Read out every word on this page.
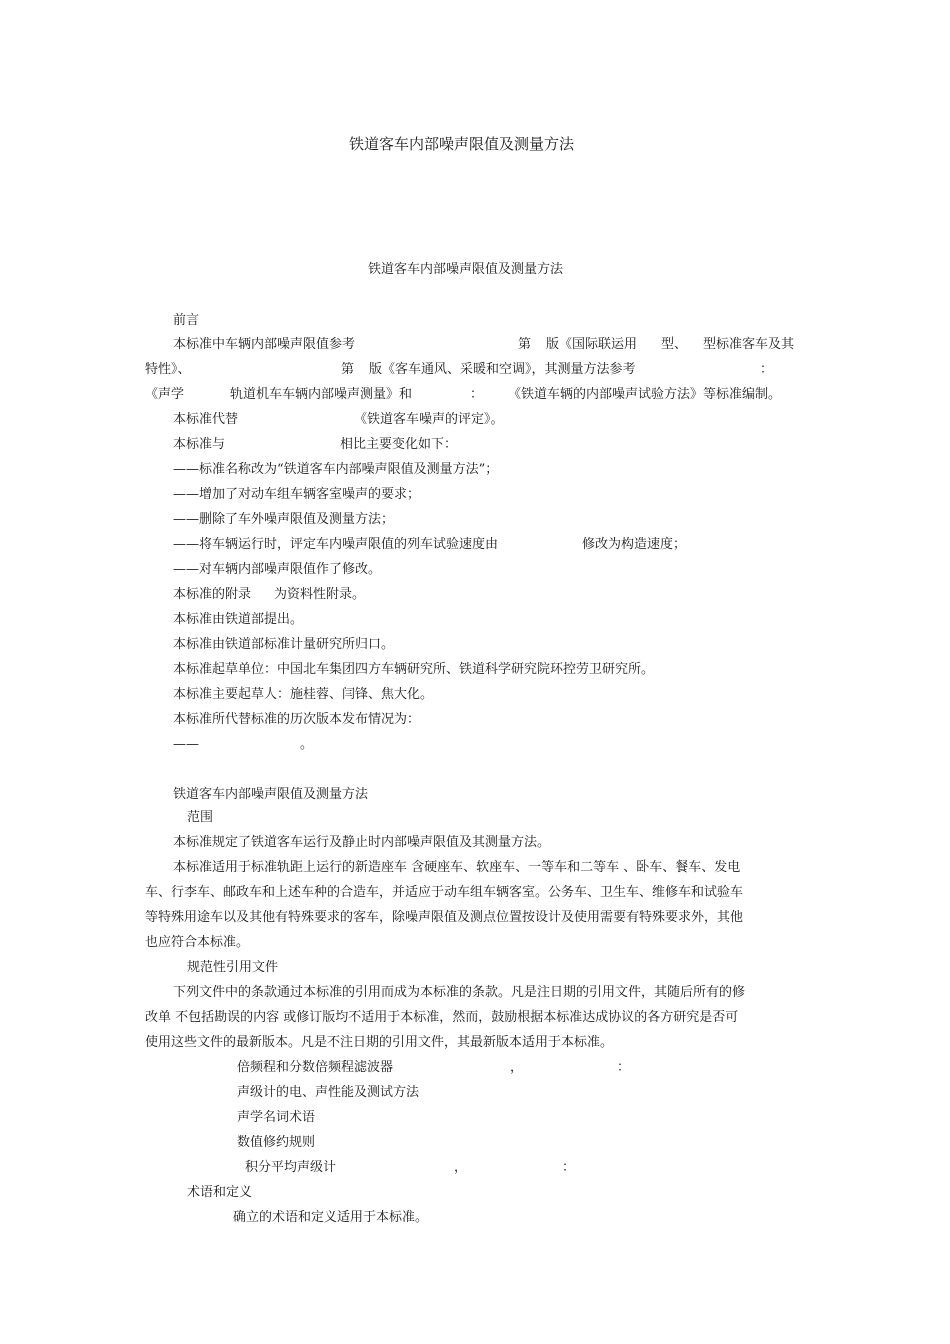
铁道客车内部噪声限值及测量方法
铁道客车内部噪声限值及测量方法
前言
本标准中车辆内部噪声限值参考	第 版《国际联运用 型、 型标准客车及其
特性》、	第 版《客车通风、采暖和空调》，其测量方法参考	：
《声学	轨道机车车辆内部噪声测量》和	： 《铁道车辆的内部噪声试验方法》等标准编制。
本标准代替	《铁道客车噪声的评定》。
本标准与	相比主要变化如下：
——标准名称改为“铁道客车内部噪声限值及测量方法”；
——增加了对动车组车辆客室噪声的要求；
——删除了车外噪声限值及测量方法；
——将车辆运行时，评定车内噪声限值的列车试验速度由	修改为构造速度；
——对车辆内部噪声限值作了修改。
本标准的附录 为资料性附录。
本标准由铁道部提出。
本标准由铁道部标准计量研究所归口。
本标准起草单位：中国北车集团四方车辆研究所、铁道科学研究院环控劳卫研究所。
本标准主要起草人：施桂蓉、闫锋、焦大化。
本标准所代替标准的历次版本发布情况为：
——	。
铁道客车内部噪声限值及测量方法
范围
本标准规定了铁道客车运行及静止时内部噪声限值及其测量方法。
本标准适用于标准轨距上运行的新造座车 含硬座车、软座车、一等车和二等车 、卧车、餐车、发电
车、行李车、邮政车和上述车种的合造车，并适应于动车组车辆客室。公务车、卫生车、维修车和试验车
等特殊用途车以及其他有特殊要求的客车，除噪声限值及测点位置按设计及使用需要有特殊要求外，其他
也应符合本标准。
规范性引用文件
下列文件中的条款通过本标准的引用而成为本标准的条款。凡是注日期的引用文件，其随后所有的修
改单 不包括勘误的内容 或修订版均不适用于本标准，然而，鼓励根据本标准达成协议的各方研究是否可
使用这些文件的最新版本。凡是不注日期的引用文件，其最新版本适用于本标准。
倍频程和分数倍频程滤波器	，	：
声级计的电、声性能及测试方法
声学名词术语
数值修约规则
积分平均声级计	，	：
术语和定义
确立的术语和定义适用于本标准。
